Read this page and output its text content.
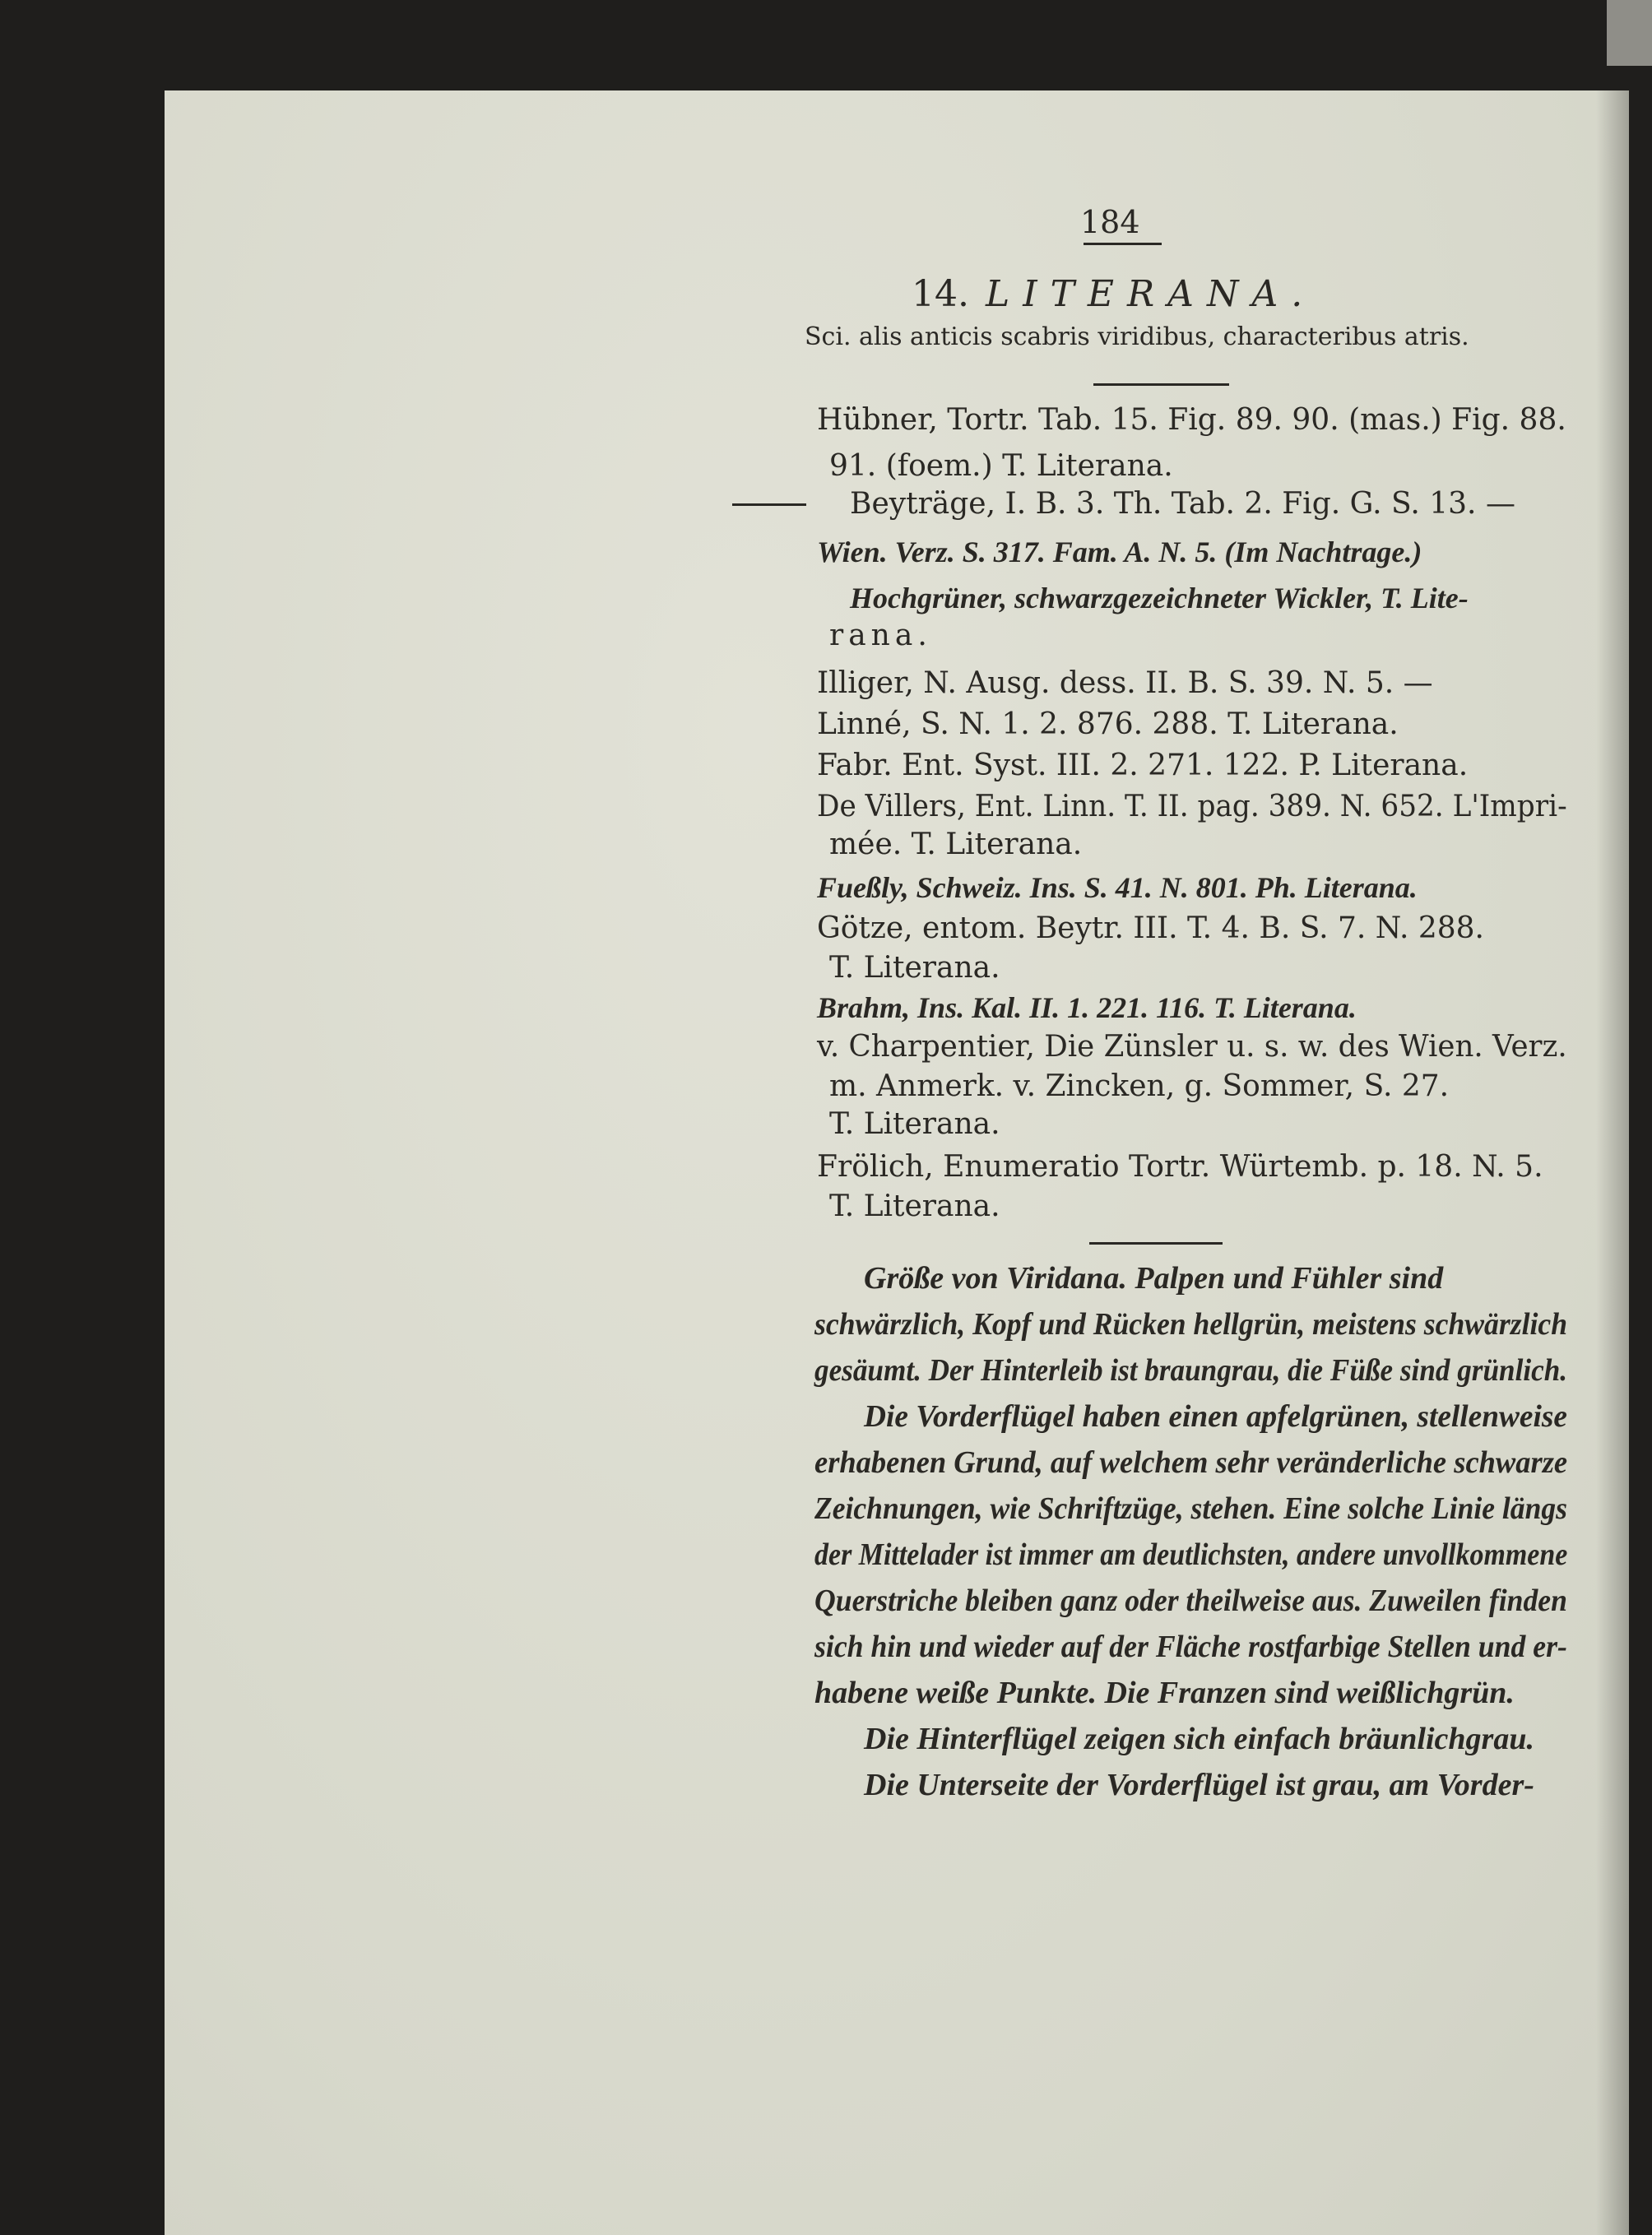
184
14. LITERANA.
Sci. alis anticis scabris viridibus, characteribus atris.
Hübner, Tortr. Tab. 15. Fig. 89. 90. (mas.) Fig. 88.
91. (foem.) T. Literana.
Beyträge, I. B. 3. Th. Tab. 2. Fig. G. S. 13. —
Wien. Verz. S. 317. Fam. A. N. 5. (Im Nachtrage.)
Hochgrüner, schwarzgezeichneter Wickler, T. Lite-
rana.
Illiger, N. Ausg. dess. II. B. S. 39. N. 5. —
Linné, S. N. 1. 2. 876. 288. T. Literana.
Fabr. Ent. Syst. III. 2. 271. 122. P. Literana.
De Villers, Ent. Linn. T. II. pag. 389. N. 652. L'Impri-
mée. T. Literana.
Fueßly, Schweiz. Ins. S. 41. N. 801. Ph. Literana.
Götze, entom. Beytr. III. T. 4. B. S. 7. N. 288.
T. Literana.
Brahm, Ins. Kal. II. 1. 221. 116. T. Literana.
v. Charpentier, Die Zünsler u. s. w. des Wien. Verz.
m. Anmerk. v. Zincken, g. Sommer, S. 27.
T. Literana.
Frölich, Enumeratio Tortr. Würtemb. p. 18. N. 5.
T. Literana.
Größe von Viridana. Palpen und Fühler sind
schwärzlich, Kopf und Rücken hellgrün, meistens schwärzlich
gesäumt. Der Hinterleib ist braungrau, die Füße sind grünlich.
Die Vorderflügel haben einen apfelgrünen, stellenweise
erhabenen Grund, auf welchem sehr veränderliche schwarze
Zeichnungen, wie Schriftzüge, stehen. Eine solche Linie längs
der Mittelader ist immer am deutlichsten, andere unvollkommene
Querstriche bleiben ganz oder theilweise aus. Zuweilen finden
sich hin und wieder auf der Fläche rostfarbige Stellen und er-
habene weiße Punkte. Die Franzen sind weißlichgrün.
Die Hinterflügel zeigen sich einfach bräunlichgrau.
Die Unterseite der Vorderflügel ist grau, am Vorder-
